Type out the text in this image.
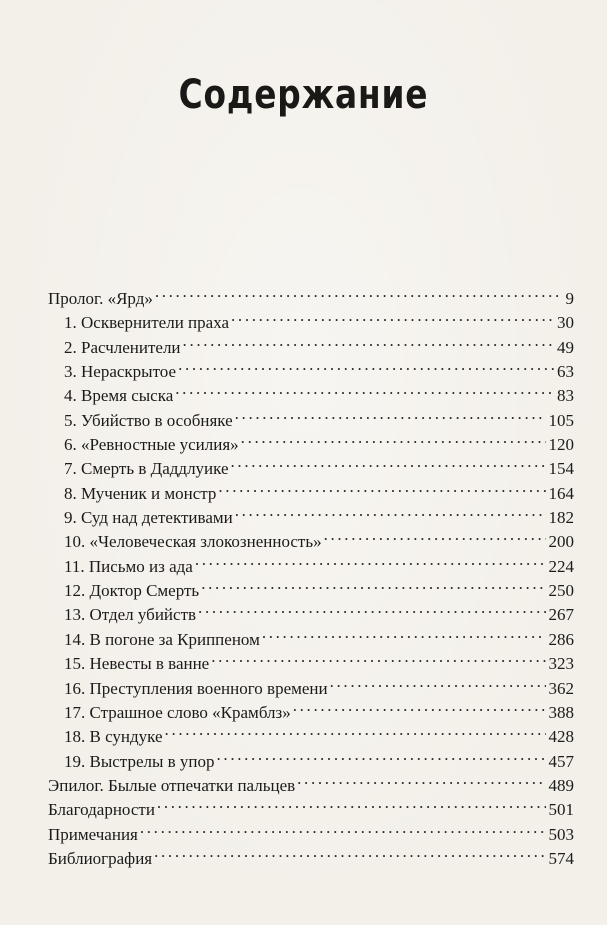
Содержание
Пролог. «Ярд» . . .	9
1. Осквернители праха . . .	30
2. Расчленители . . .	49
3. Нераскрытое . . .	63
4. Время сыска . . .	83
5. Убийство в особняке . . .	105
6. «Ревностные усилия» . . .	120
7. Смерть в Даддлуике . . .	154
8. Мученик и монстр . . .	164
9. Суд над детективами . . .	182
10. «Человеческая злокозненность» . . .	200
11. Письмо из ада . . .	224
12. Доктор Смерть . . .	250
13. Отдел убийств . . .	267
14. В погоне за Криппеном . . .	286
15. Невесты в ванне . . .	323
16. Преступления военного времени . . .	362
17. Страшное слово «Крамблз» . . .	388
18. В сундуке . . .	428
19. Выстрелы в упор . . .	457
Эпилог. Былые отпечатки пальцев . . .	489
Благодарности . . .	501
Примечания . . .	503
Библиография . . .	574
